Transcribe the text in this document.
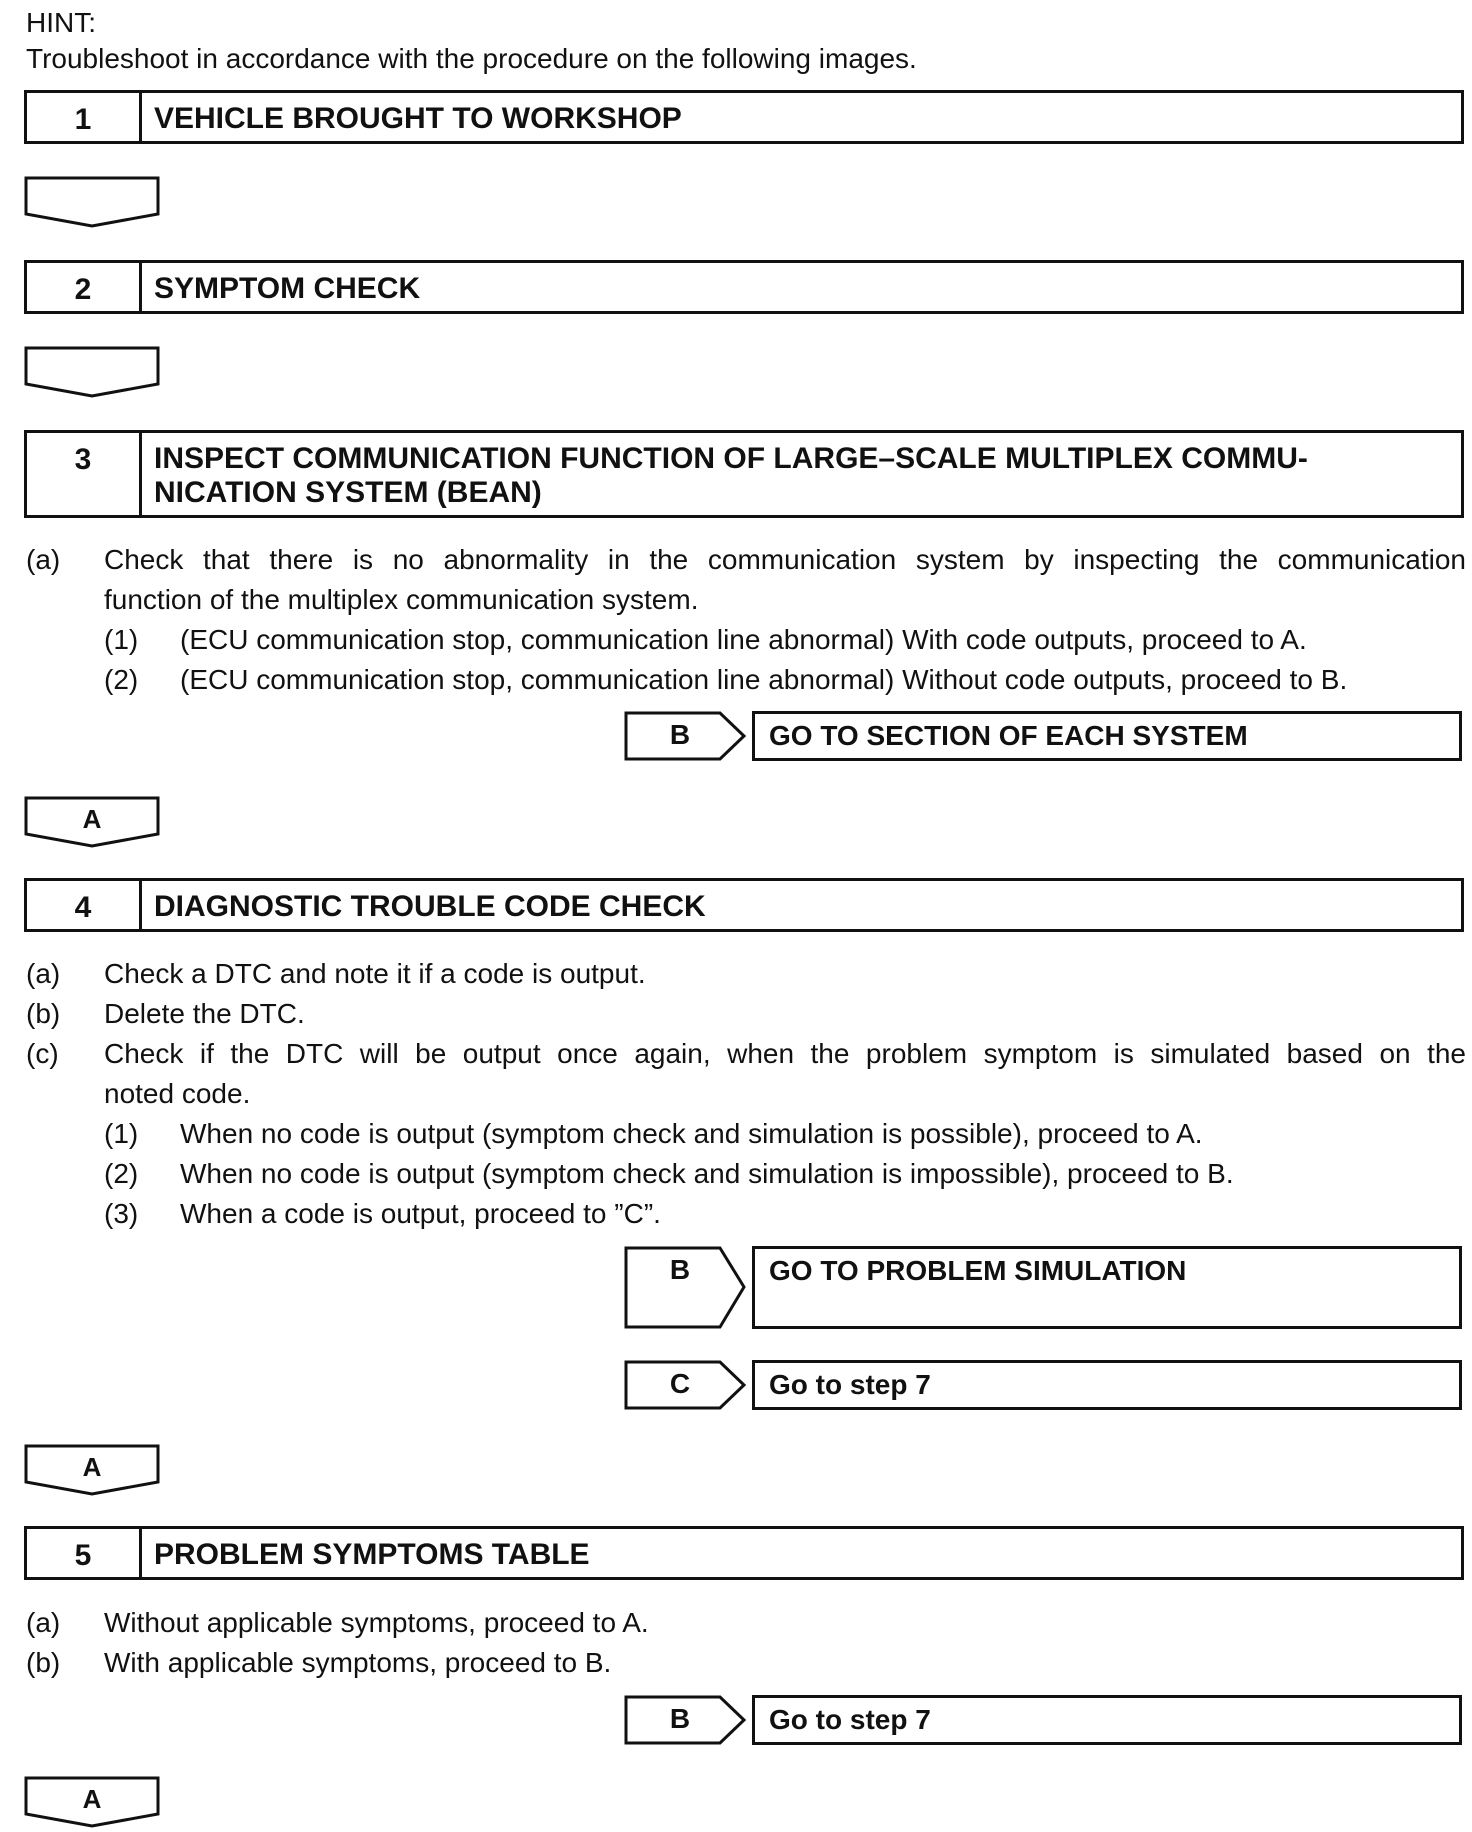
HINT:
Troubleshoot in accordance with the procedure on the following images.
1	VEHICLE BROUGHT TO WORKSHOP
2	SYMPTOM CHECK
3	INSPECT COMMUNICATION FUNCTION OF LARGE–SCALE MULTIPLEX COMMU-
NICATION SYSTEM (BEAN)
(a) Check that there is no abnormality in the communication system by inspecting the communication
function of the multiplex communication system.
(1) (ECU communication stop, communication line abnormal) With code outputs, proceed to A.
(2) (ECU communication stop, communication line abnormal) Without code outputs, proceed to B.
B	GO TO SECTION OF EACH SYSTEM
A
4	DIAGNOSTIC TROUBLE CODE CHECK
(a) Check a DTC and note it if a code is output.
(b) Delete the DTC.
(c) Check if the DTC will be output once again, when the problem symptom is simulated based on the
noted code.
(1) When no code is output (symptom check and simulation is possible), proceed to A.
(2) When no code is output (symptom check and simulation is impossible), proceed to B.
(3) When a code is output, proceed to ”C”.
B	GO TO PROBLEM SIMULATION
C	Go to step 7
A
5	PROBLEM SYMPTOMS TABLE
(a) Without applicable symptoms, proceed to A.
(b) With applicable symptoms, proceed to B.
B	Go to step 7
A
